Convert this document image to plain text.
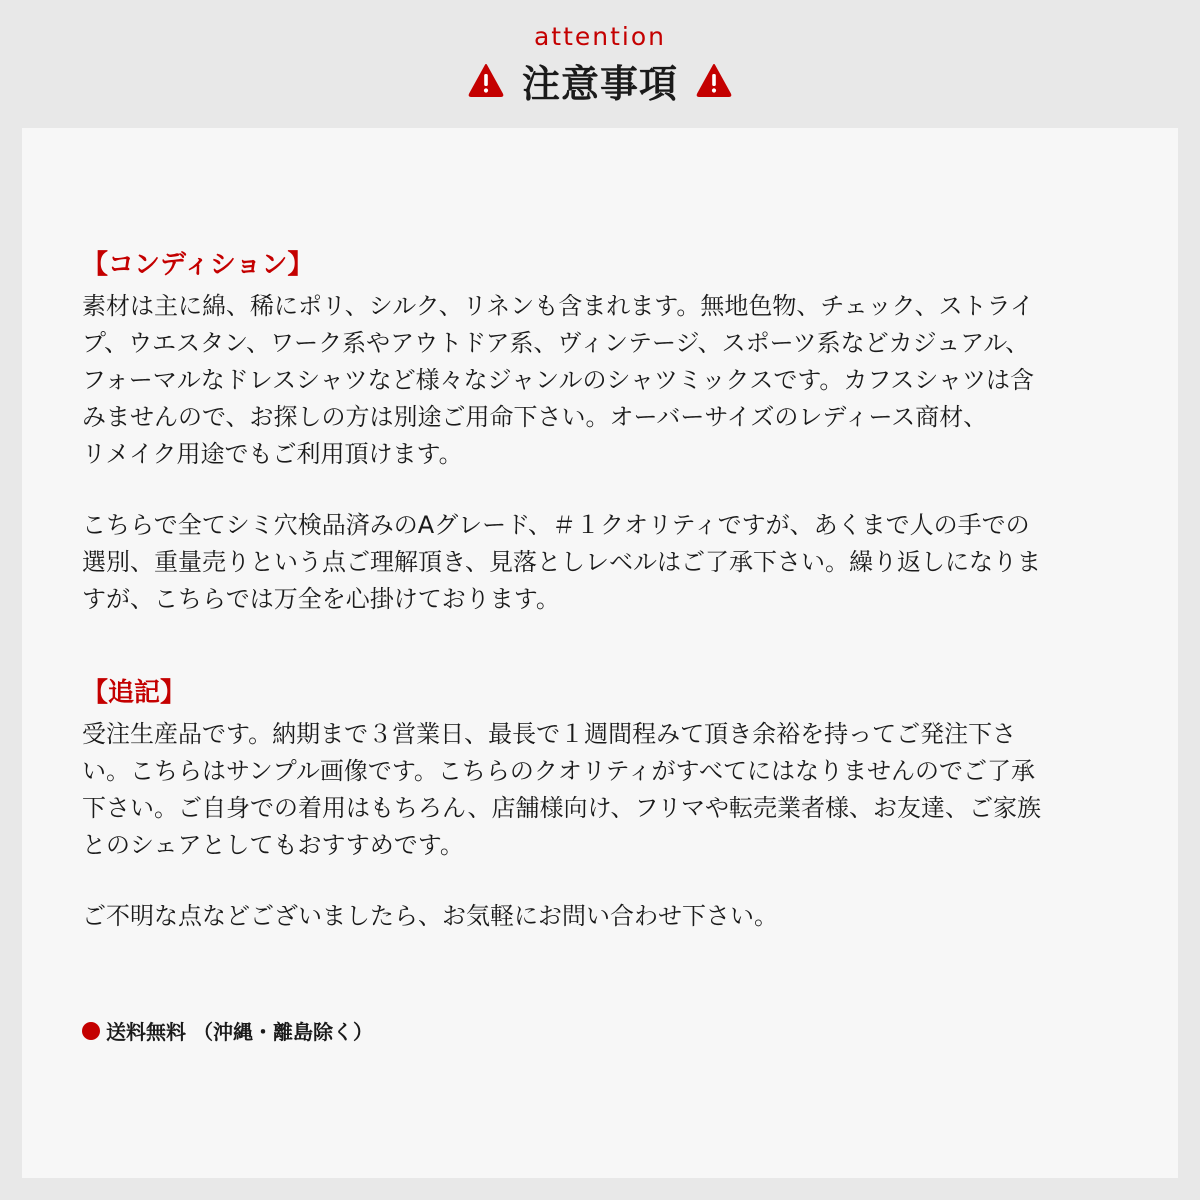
attention
注意事項

【コンディション】

素材は主に綿、稀にポリ、シルク、リネンも含まれます。無地色物、チェック、ストライ
プ、ウエスタン、ワーク系やアウトドア系、ヴィンテージ、スポーツ系などカジュアル、
フォーマルなドレスシャツなど様々なジャンルのシャツミックスです。カフスシャツは含
みませんので、お探しの方は別途ご用命下さい。オーバーサイズのレディース商材、
リメイク用途でもご利用頂けます。

こちらで全てシミ穴検品済みのAグレード、＃１クオリティですが、あくまで人の手での
選別、重量売りという点ご理解頂き、見落としレベルはご了承下さい。繰り返しになりま
すが、こちらでは万全を心掛けております。

【追記】

受注生産品です。納期まで３営業日、最長で１週間程みて頂き余裕を持ってご発注下さ
い。こちらはサンプル画像です。こちらのクオリティがすべてにはなりませんのでご了承
下さい。ご自身での着用はもちろん、店舗様向け、フリマや転売業者様、お友達、ご家族
とのシェアとしてもおすすめです。

ご不明な点などございましたら、お気軽にお問い合わせ下さい。

送料無料 （沖縄・離島除く）
